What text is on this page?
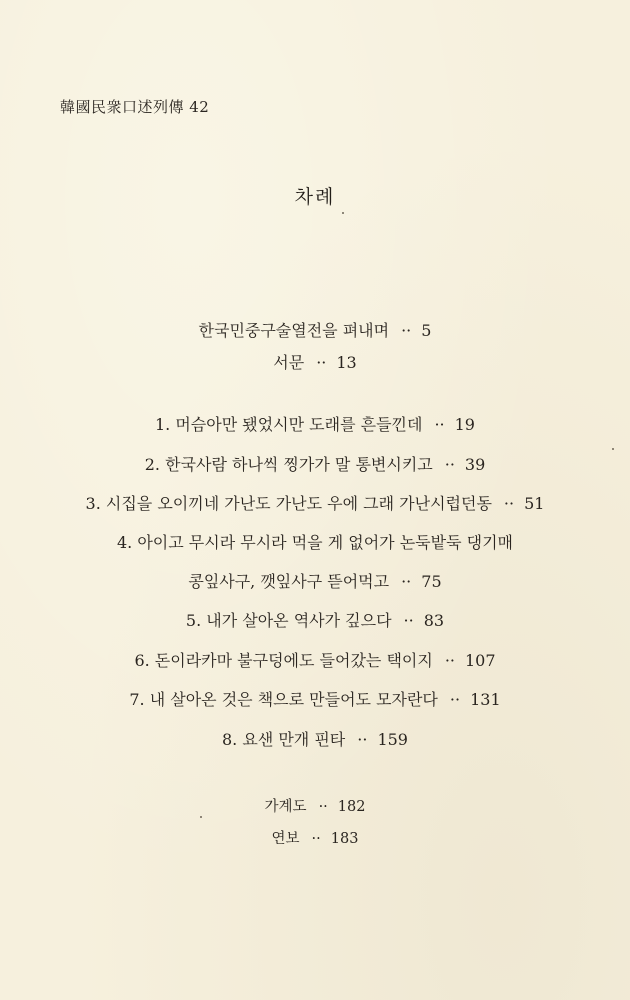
韓國民衆口述列傳 42
차례
한국민중구술열전을 펴내며 ·· 5
서문 ·· 13
1. 머슴아만 됐었시만 도래를 흔들낀데 ·· 19
2. 한국사람 하나씩 찡가가 말 통변시키고 ·· 39
3. 시집을 오이끼네 가난도 가난도 우에 그래 가난시럽던동 ·· 51
4. 아이고 무시라 무시라 먹을 게 없어가 논둑밭둑 댕기매
콩잎사구, 깻잎사구 뜯어먹고 ·· 75
5. 내가 살아온 역사가 깊으다 ·· 83
6. 돈이라카마 불구덩에도 들어갔는 택이지 ·· 107
7. 내 살아온 것은 책으로 만들어도 모자란다 ·· 131
8. 요샌 만개 핀타 ·· 159
가계도 ·· 182
연보 ·· 183
